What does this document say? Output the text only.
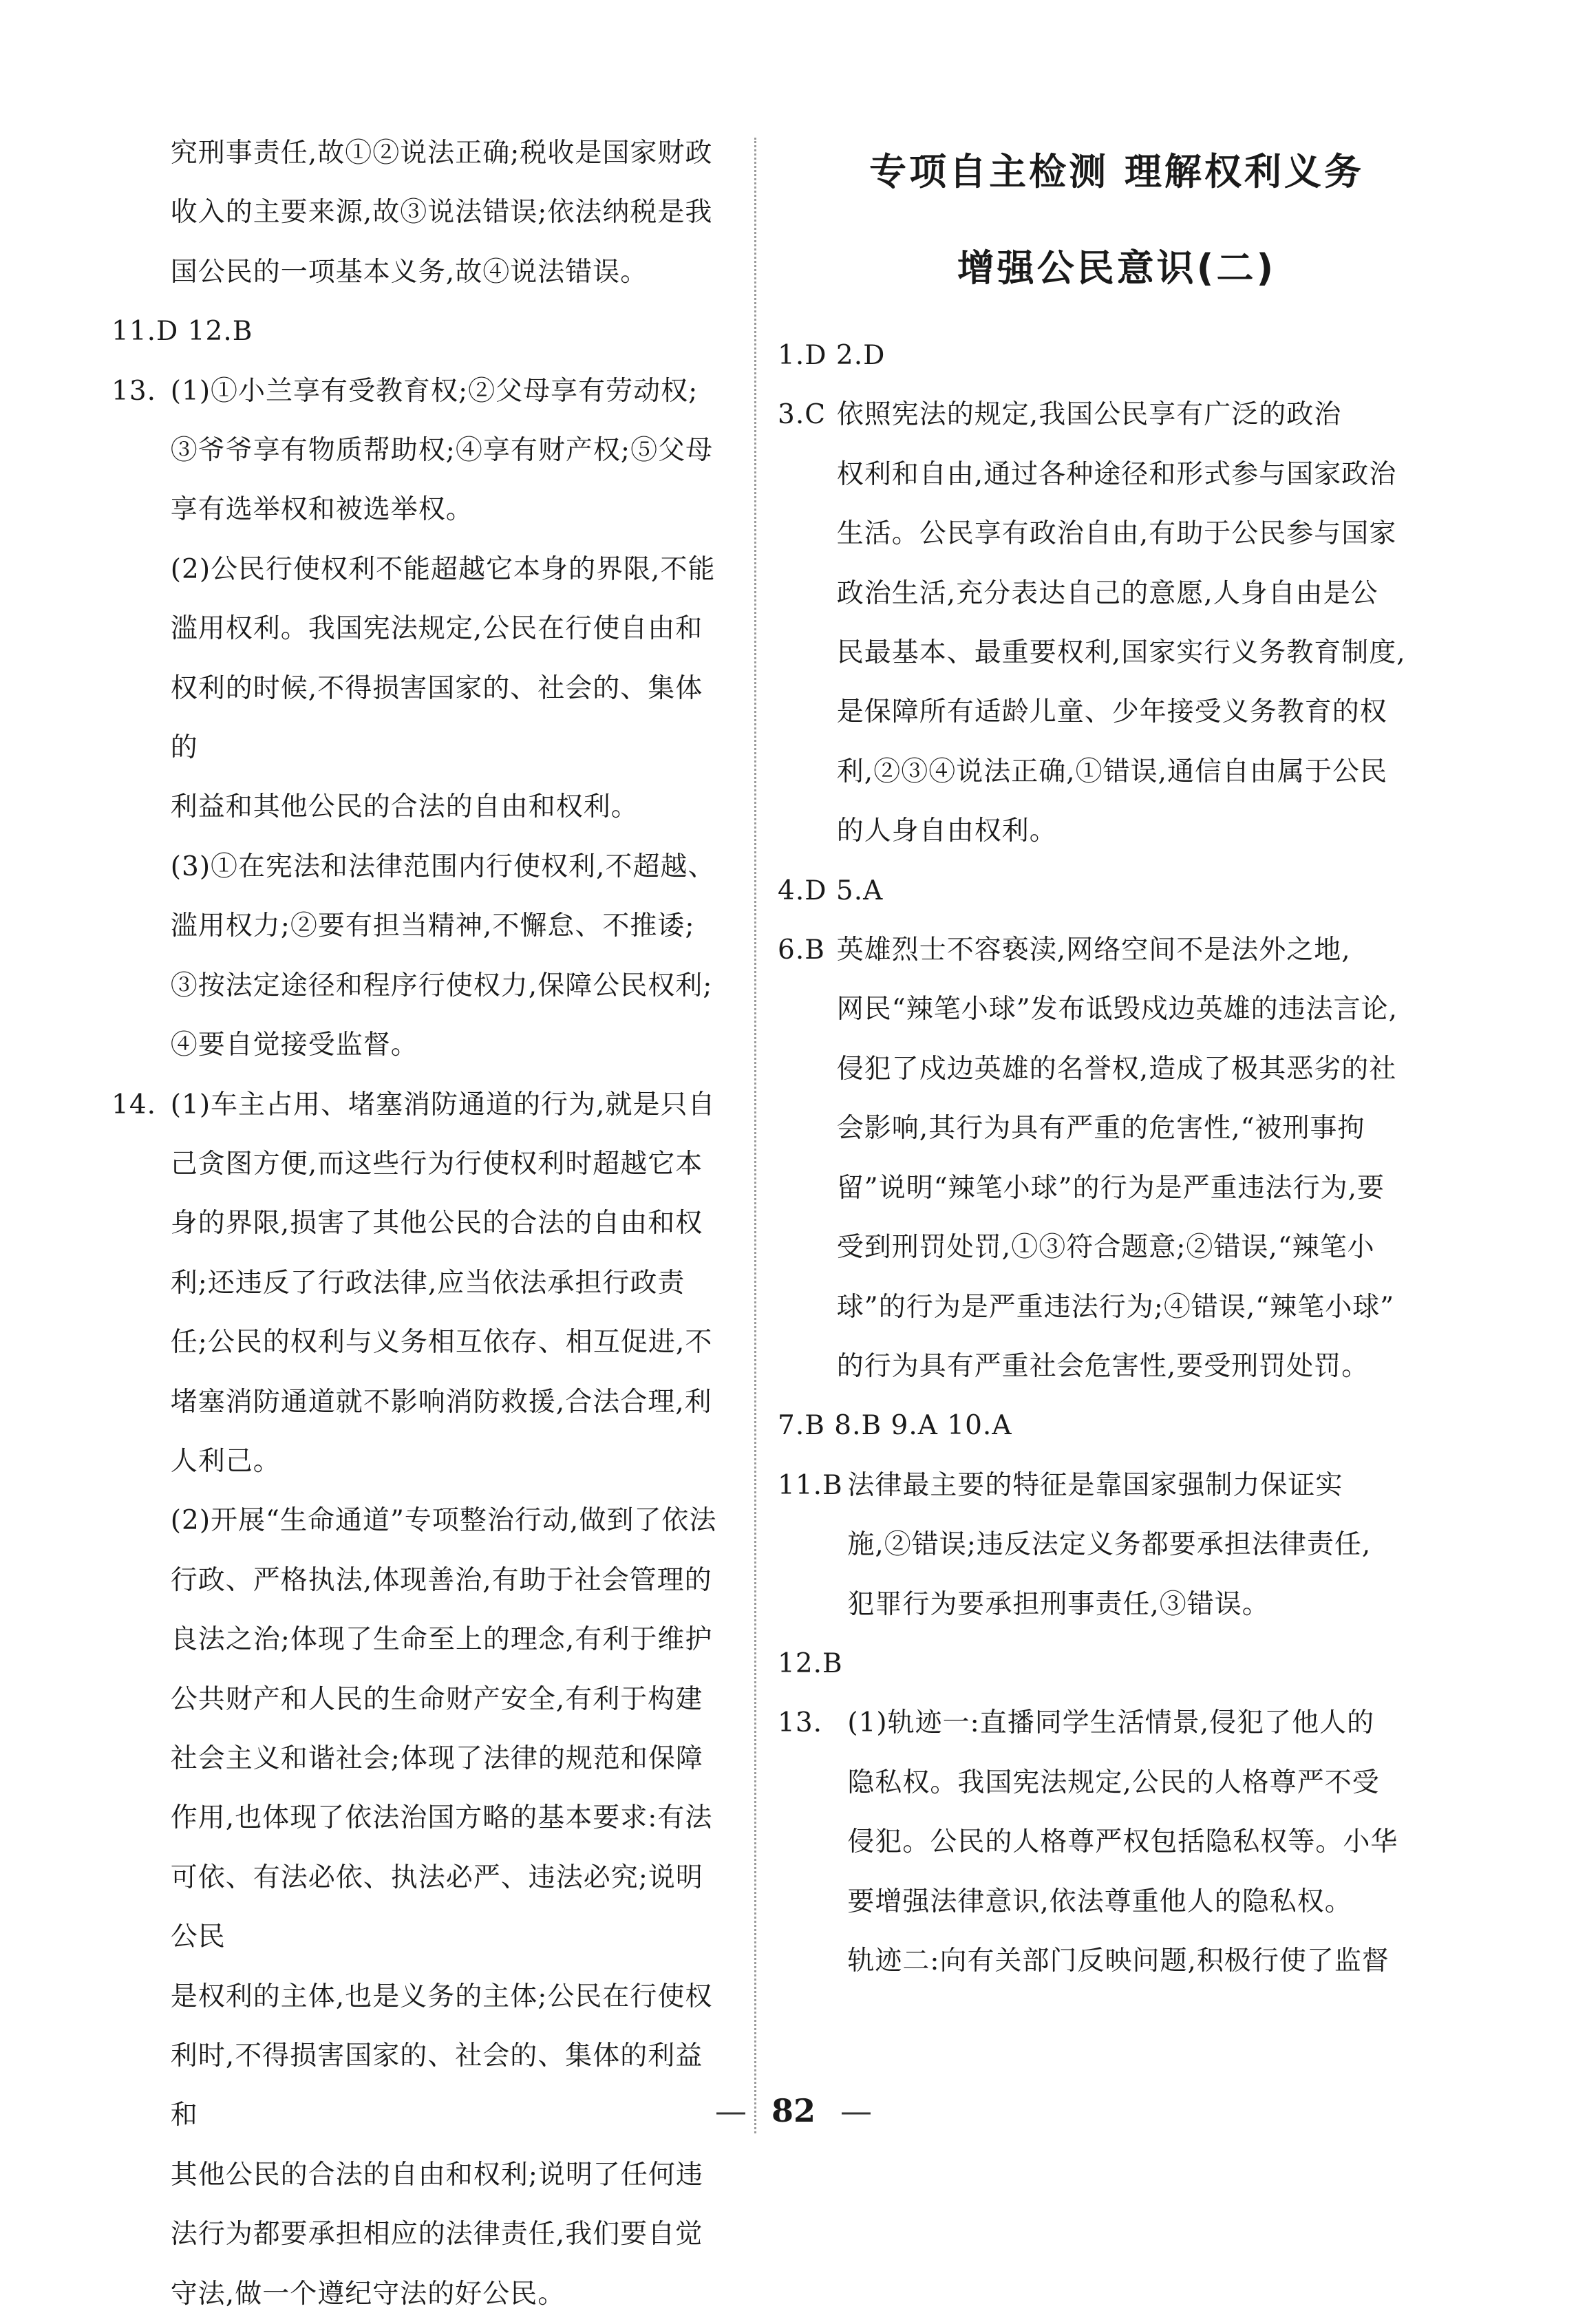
究刑事责任,故①②说法正确;税收是国家财政

收入的主要来源,故③说法错误;依法纳税是我

国公民的一项基本义务,故④说法错误。

11.D 12.B

13. (1)①小兰享有受教育权;②父母享有劳动权;

③爷爷享有物质帮助权;④享有财产权;⑤父母

享有选举权和被选举权。

(2)公民行使权利不能超越它本身的界限,不能

滥用权利。我国宪法规定,公民在行使自由和

权利的时候,不得损害国家的、社会的、集体的

利益和其他公民的合法的自由和权利。

(3)①在宪法和法律范围内行使权利,不超越、

滥用权力;②要有担当精神,不懈怠、不推诿;

③按法定途径和程序行使权力,保障公民权利;

④要自觉接受监督。

14. (1)车主占用、堵塞消防通道的行为,就是只自

己贪图方便,而这些行为行使权利时超越它本

身的界限,损害了其他公民的合法的自由和权

利;还违反了行政法律,应当依法承担行政责

任;公民的权利与义务相互依存、相互促进,不

堵塞消防通道就不影响消防救援,合法合理,利

人利己。

(2)开展“生命通道”专项整治行动,做到了依法

行政、严格执法,体现善治,有助于社会管理的

良法之治;体现了生命至上的理念,有利于维护

公共财产和人民的生命财产安全,有利于构建

社会主义和谐社会;体现了法律的规范和保障

作用,也体现了依法治国方略的基本要求:有法

可依、有法必依、执法必严、违法必究;说明公民

是权利的主体,也是义务的主体;公民在行使权

利时,不得损害国家的、社会的、集体的利益和

其他公民的合法的自由和权利;说明了任何违

法行为都要承担相应的法律责任,我们要自觉

守法,做一个遵纪守法的好公民。

专项自主检测 理解权利义务
增强公民意识(二)

1.D 2.D

3.C 依照宪法的规定,我国公民享有广泛的政治

权利和自由,通过各种途径和形式参与国家政治

生活。公民享有政治自由,有助于公民参与国家

政治生活,充分表达自己的意愿,人身自由是公

民最基本、最重要权利,国家实行义务教育制度,

是保障所有适龄儿童、少年接受义务教育的权

利,②③④说法正确,①错误,通信自由属于公民

的人身自由权利。

4.D 5.A

6.B 英雄烈士不容亵渎,网络空间不是法外之地,

网民“辣笔小球”发布诋毁戍边英雄的违法言论,

侵犯了戍边英雄的名誉权,造成了极其恶劣的社

会影响,其行为具有严重的危害性,“被刑事拘

留”说明“辣笔小球”的行为是严重违法行为,要

受到刑罚处罚,①③符合题意;②错误,“辣笔小

球”的行为是严重违法行为;④错误,“辣笔小球”

的行为具有严重社会危害性,要受刑罚处罚。

7.B 8.B 9.A 10.A

11.B 法律最主要的特征是靠国家强制力保证实

施,②错误;违反法定义务都要承担法律责任,

犯罪行为要承担刑事责任,③错误。

12.B

13. (1)轨迹一:直播同学生活情景,侵犯了他人的

隐私权。我国宪法规定,公民的人格尊严不受

侵犯。公民的人格尊严权包括隐私权等。小华

要增强法律意识,依法尊重他人的隐私权。

轨迹二:向有关部门反映问题,积极行使了监督

— 82 —
